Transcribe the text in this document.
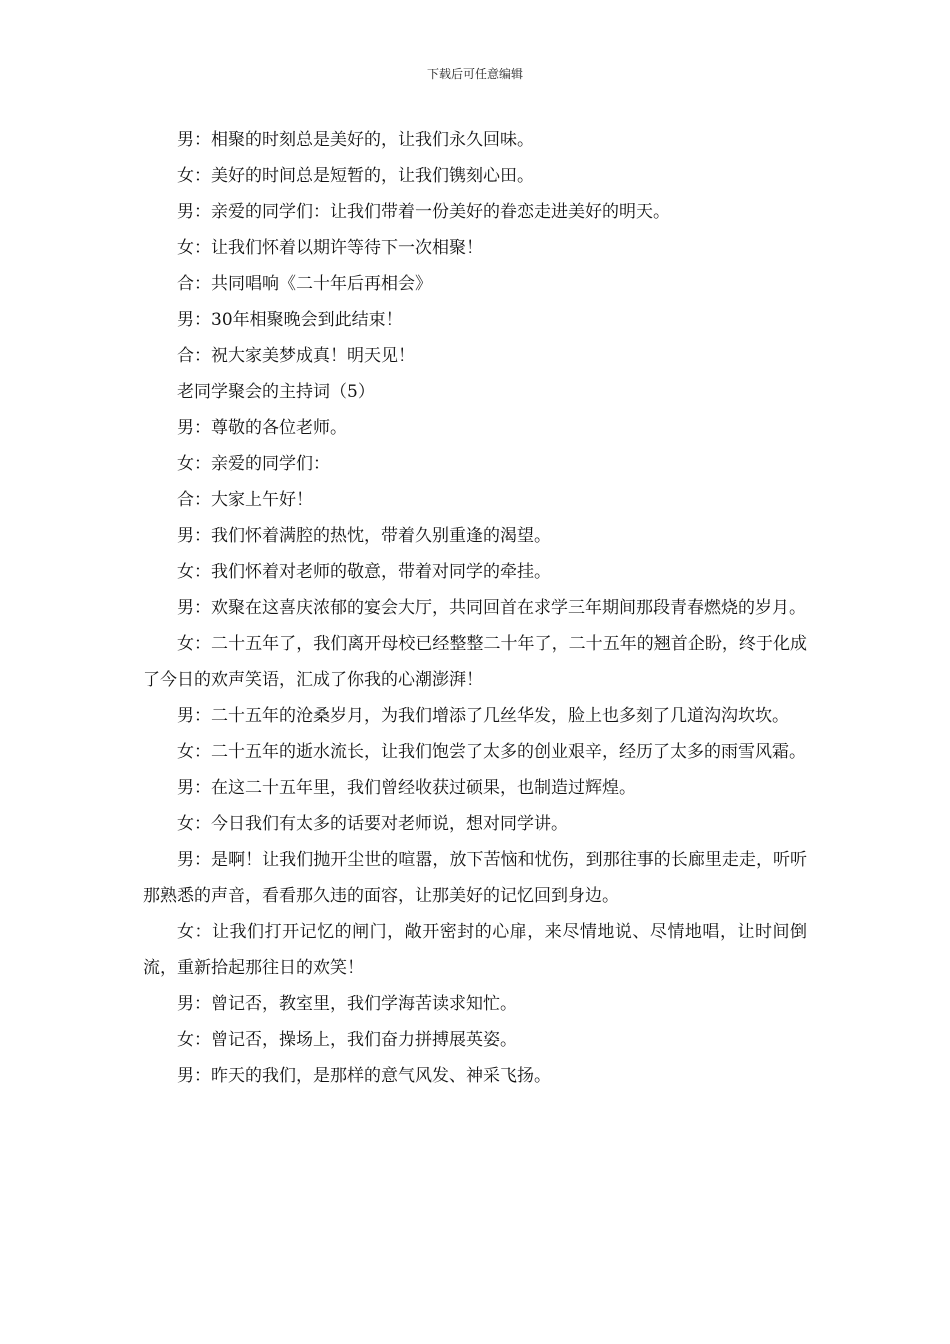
下载后可任意编辑

男：相聚的时刻总是美好的，让我们永久回味。

女：美好的时间总是短暂的，让我们镌刻心田。

男：亲爱的同学们：让我们带着一份美好的眷恋走进美好的明天。

女：让我们怀着以期许等待下一次相聚！

合：共同唱响《二十年后再相会》

男：30年相聚晚会到此结束！

合：祝大家美梦成真！明天见！

老同学聚会的主持词（5）

男：尊敬的各位老师。

女：亲爱的同学们：

合：大家上午好！

男：我们怀着满腔的热忱，带着久别重逢的渴望。

女：我们怀着对老师的敬意，带着对同学的牵挂。

男：欢聚在这喜庆浓郁的宴会大厅，共同回首在求学三年期间那段青春燃烧的岁月。

女：二十五年了，我们离开母校已经整整二十年了，二十五年的翘首企盼，终于化成了今日的欢声笑语，汇成了你我的心潮澎湃！

男：二十五年的沧桑岁月，为我们增添了几丝华发，脸上也多刻了几道沟沟坎坎。

女：二十五年的逝水流长，让我们饱尝了太多的创业艰辛，经历了太多的雨雪风霜。

男：在这二十五年里，我们曾经收获过硕果，也制造过辉煌。

女：今日我们有太多的话要对老师说，想对同学讲。

男：是啊！让我们抛开尘世的喧嚣，放下苦恼和忧伤，到那往事的长廊里走走，听听那熟悉的声音，看看那久违的面容，让那美好的记忆回到身边。

女：让我们打开记忆的闸门，敞开密封的心扉，来尽情地说、尽情地唱，让时间倒流，重新拾起那往日的欢笑！

男：曾记否，教室里，我们学海苦读求知忙。

女：曾记否，操场上，我们奋力拼搏展英姿。

男：昨天的我们，是那样的意气风发、神采飞扬。
